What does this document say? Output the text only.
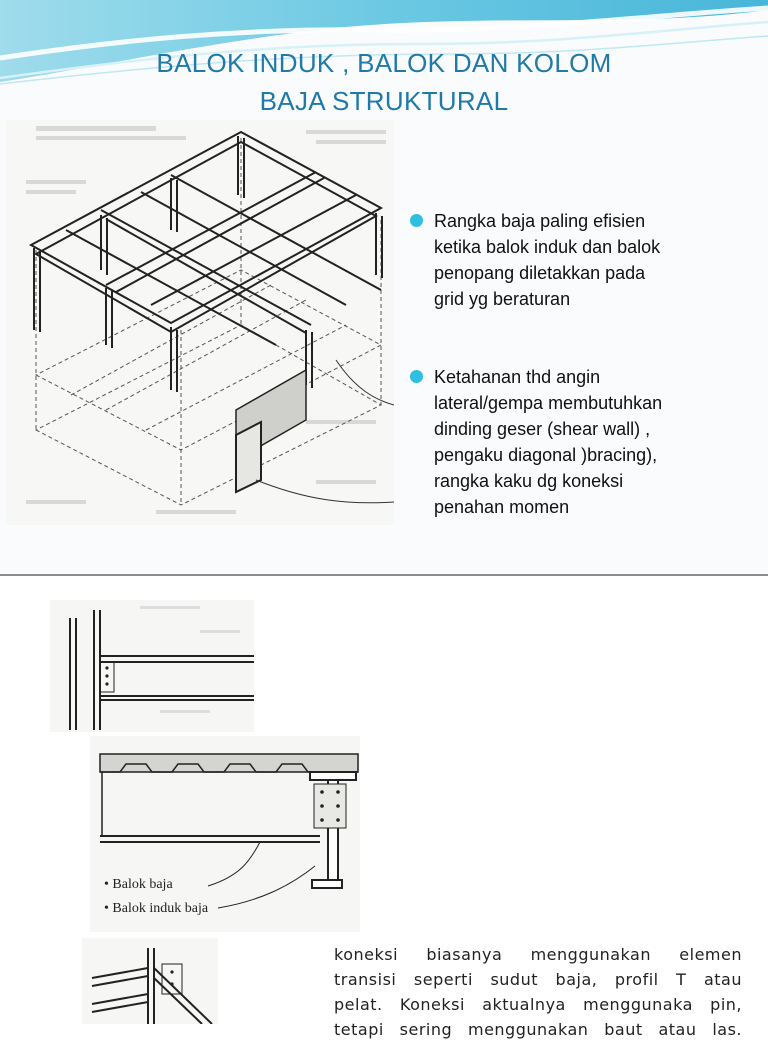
BALOK INDUK , BALOK DAN KOLOM
BAJA STRUKTURAL
Rangka baja paling efisien
ketika balok induk dan balok
penopang diletakkan pada
grid yg beraturan
Ketahanan thd angin
lateral/gempa membutuhkan
dinding geser (shear wall) ,
pengaku diagonal )bracing),
rangka kaku dg koneksi
penahan momen
• Balok baja
• Balok induk baja
koneksi biasanya menggunakan elemen
transisi seperti sudut baja, profil T atau
pelat. Koneksi aktualnya menggunaka pin,
tetapi sering menggunakan baut atau las.
